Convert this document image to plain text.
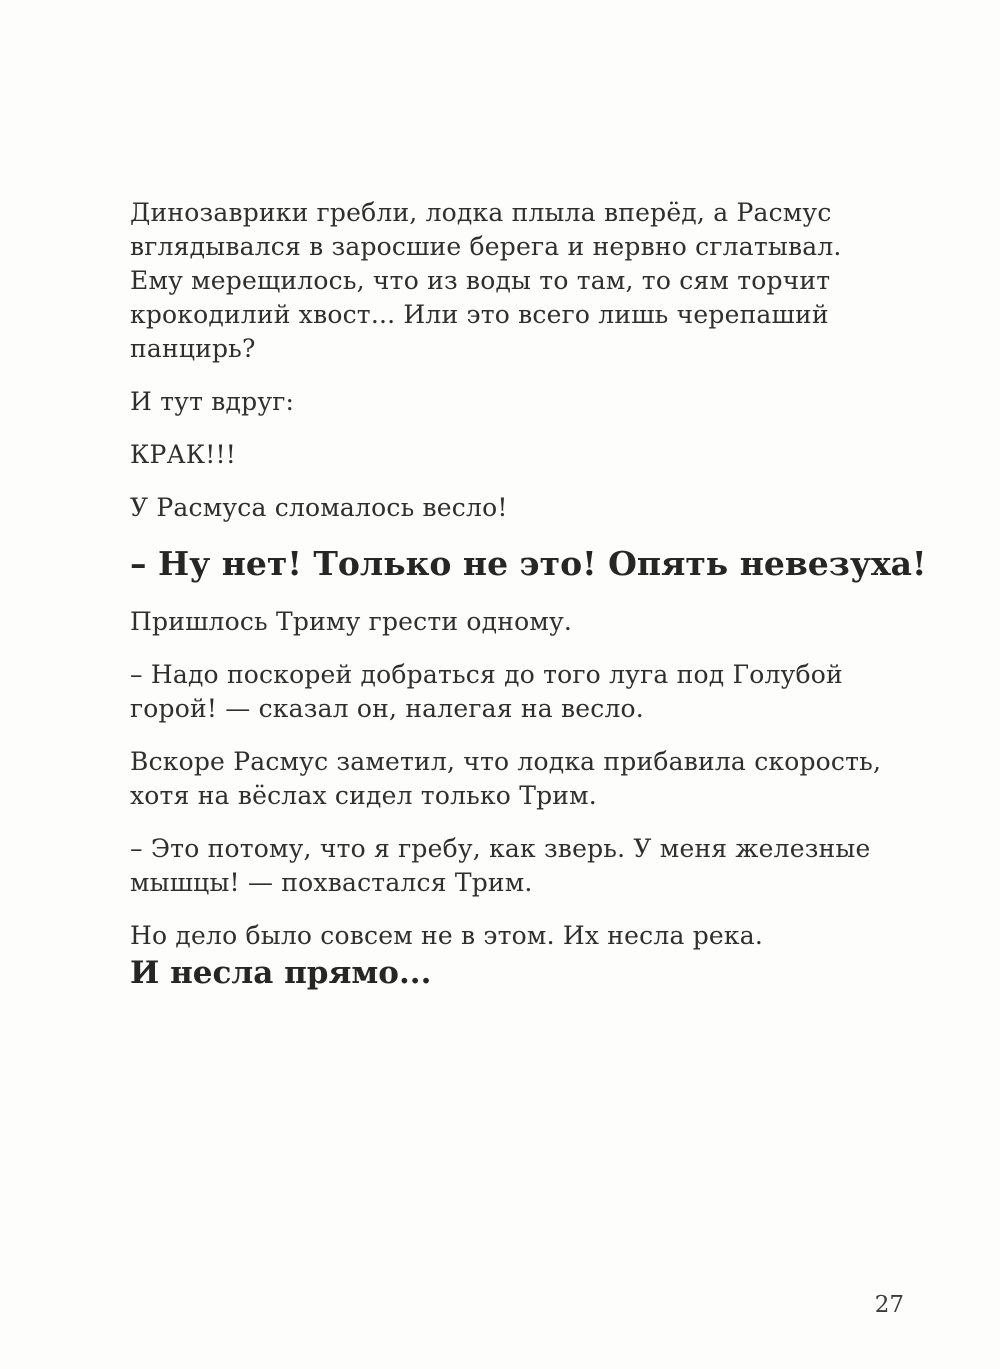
Динозаврики гребли, лодка плыла вперёд, а Расмус
вглядывался в заросшие берега и нервно сглатывал.
Ему мерещилось, что из воды то там, то сям торчит
крокодилий хвост... Или это всего лишь черепаший
панцирь?

И тут вдруг:

КРАК!!!

У Расмуса сломалось весло!

– Ну нет! Только не это! Опять невезуха!

Пришлось Триму грести одному.

– Надо поскорей добраться до того луга под Голубой
горой! — сказал он, налегая на весло.

Вскоре Расмус заметил, что лодка прибавила скорость,
хотя на вёслах сидел только Трим.

– Это потому, что я гребу, как зверь. У меня железные
мышцы! — похвастался Трим.

Но дело было совсем не в этом. Их несла река.

И несла прямо...

27
